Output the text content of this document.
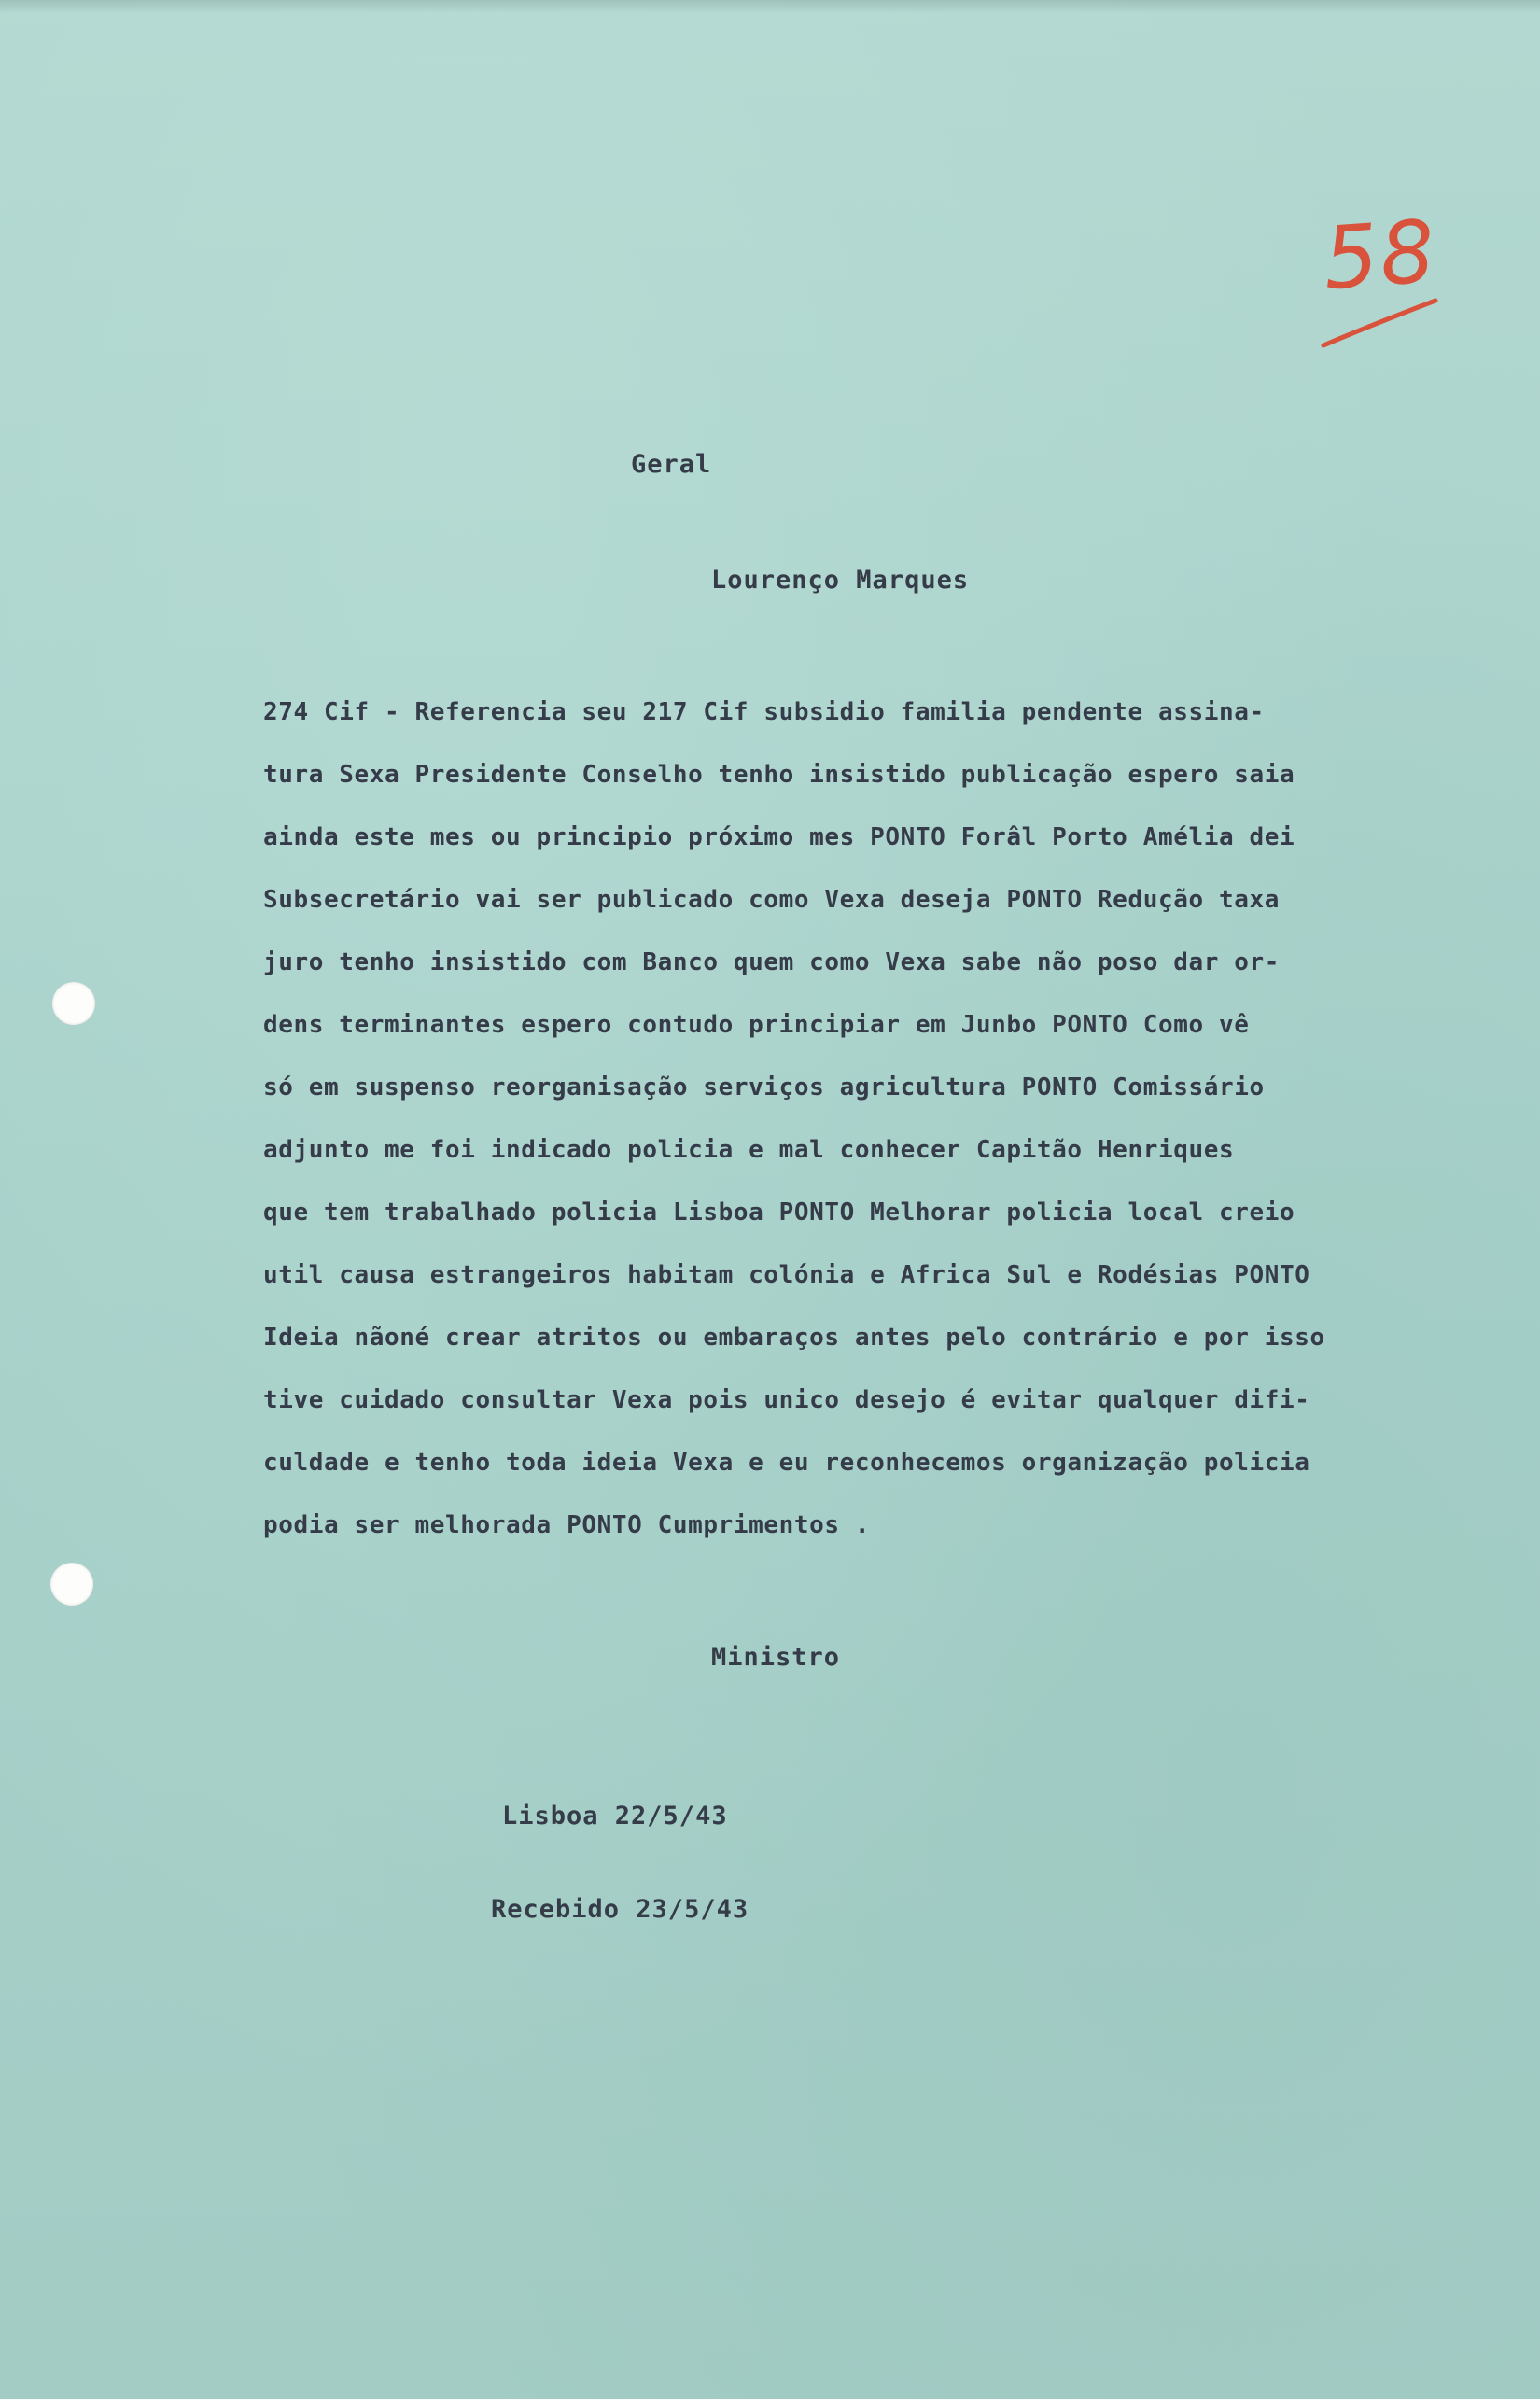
58
Geral
Lourenço Marques
274 Cif - Referencia seu 217 Cif subsidio familia pendente assina-
tura Sexa Presidente Conselho tenho insistido publicação espero saia
ainda este mes ou principio próximo mes PONTO Forâl Porto Amélia dei
Subsecretário vai ser publicado como Vexa deseja PONTO Redução taxa
juro tenho insistido com Banco quem como Vexa sabe não poso dar or-
dens terminantes espero contudo principiar em Junbo PONTO Como vê
só em suspenso reorganisação serviços agricultura PONTO Comissário
adjunto me foi indicado policia e mal conhecer Capitão Henriques
que tem trabalhado policia Lisboa PONTO Melhorar policia local creio
util causa estrangeiros habitam colónia e Africa Sul e Rodésias PONTO
Ideia nãoné crear atritos ou embaraços antes pelo contrário e por isso
tive cuidado consultar Vexa pois unico desejo é evitar qualquer difi-
culdade e tenho toda ideia Vexa e eu reconhecemos organização policia
podia ser melhorada PONTO Cumprimentos .
Ministro
Lisboa 22/5/43
Recebido 23/5/43
